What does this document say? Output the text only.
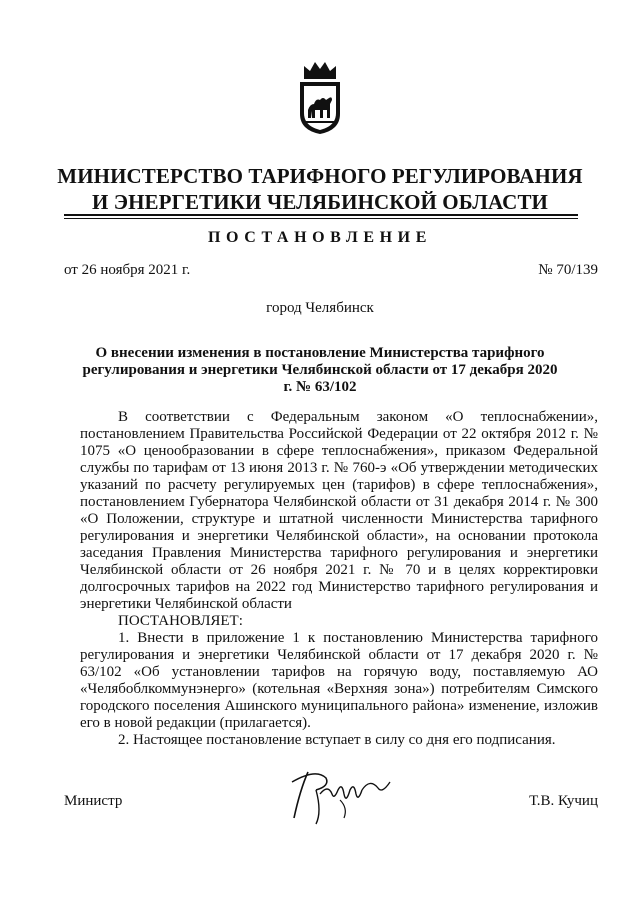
МИНИСТЕРСТВО ТАРИФНОГО РЕГУЛИРОВАНИЯ
И ЭНЕРГЕТИКИ ЧЕЛЯБИНСКОЙ ОБЛАСТИ
ПОСТАНОВЛЕНИЕ
от 26 ноября 2021 г.	№ 70/139
город Челябинск
О внесении изменения в постановление Министерства тарифного регулирования и энергетики Челябинской области от 17 декабря 2020 г. № 63/102

В соответствии с Федеральным законом «О теплоснабжении», постановлением Правительства Российской Федерации от 22 октября 2012 г. № 1075 «О ценообразовании в сфере теплоснабжения», приказом Федеральной службы по тарифам от 13 июня 2013 г. № 760-э «Об утверждении методических указаний по расчету регулируемых цен (тарифов) в сфере теплоснабжения», постановлением Губернатора Челябинской области от 31 декабря 2014 г. № 300 «О Положении, структуре и штатной численности Министерства тарифного регулирования и энергетики Челябинской области», на основании протокола заседания Правления Министерства тарифного регулирования и энергетики Челябинской области от 26 ноября 2021 г. № 70 и в целях корректировки долгосрочных тарифов на 2022 год Министерство тарифного регулирования и энергетики Челябинской области

ПОСТАНОВЛЯЕТ:

1. Внести в приложение 1 к постановлению Министерства тарифного регулирования и энергетики Челябинской области от 17 декабря 2020 г. № 63/102 «Об установлении тарифов на горячую воду, поставляемую АО «Челябоблкоммунэнерго» (котельная «Верхняя зона») потребителям Симского городского поселения Ашинского муниципального района» изменение, изложив его в новой редакции (прилагается).

2. Настоящее постановление вступает в силу со дня его подписания.

Министр	Т.В. Кучиц
